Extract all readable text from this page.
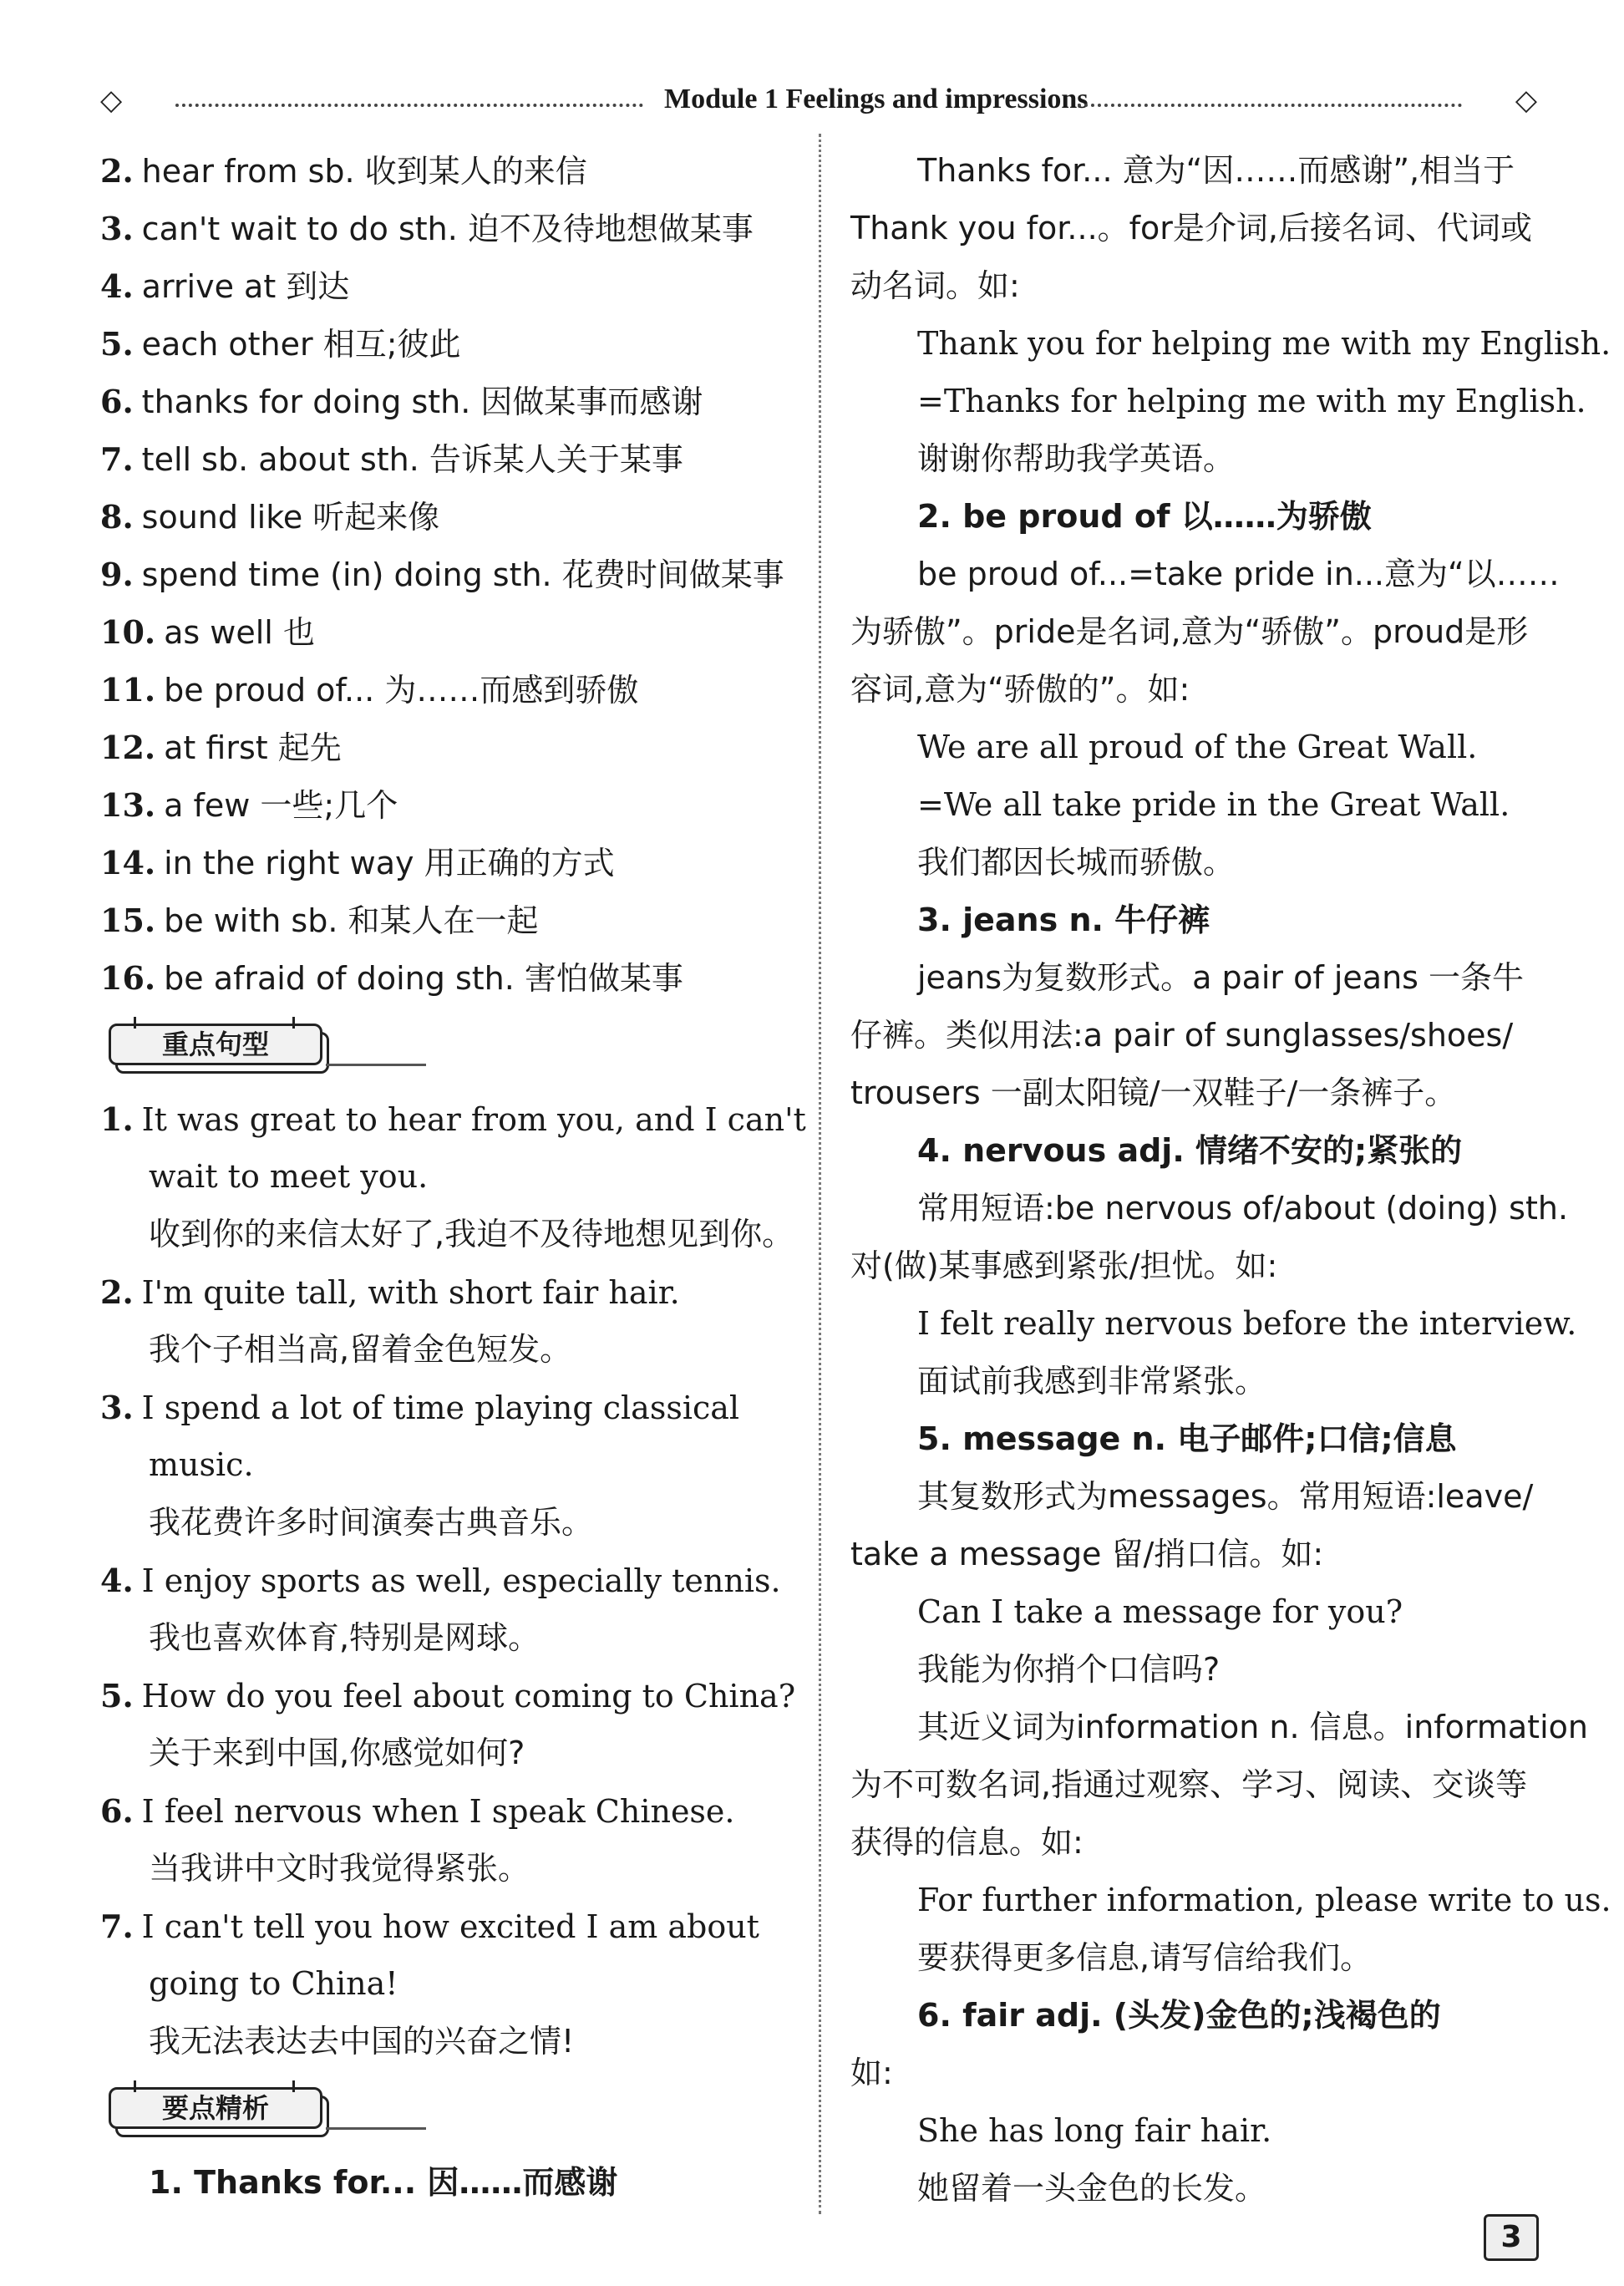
◇	Module 1 Feelings and impressions	◇
2. hear from sb. 收到某人的来信
3. can't wait to do sth. 迫不及待地想做某事
4. arrive at 到达
5. each other 相互;彼此
6. thanks for doing sth. 因做某事而感谢
7. tell sb. about sth. 告诉某人关于某事
8. sound like 听起来像
9. spend time (in) doing sth. 花费时间做某事
10. as well 也
11. be proud of... 为……而感到骄傲
12. at first 起先
13. a few 一些;几个
14. in the right way 用正确的方式
15. be with sb. 和某人在一起
16. be afraid of doing sth. 害怕做某事
重点句型
1. It was great to hear from you, and I can't
wait to meet you.
收到你的来信太好了,我迫不及待地想见到你。
2. I'm quite tall, with short fair hair.
我个子相当高,留着金色短发。
3. I spend a lot of time playing classical
music.
我花费许多时间演奏古典音乐。
4. I enjoy sports as well, especially tennis.
我也喜欢体育,特别是网球。
5. How do you feel about coming to China?
关于来到中国,你感觉如何?
6. I feel nervous when I speak Chinese.
当我讲中文时我觉得紧张。
7. I can't tell you how excited I am about
going to China!
我无法表达去中国的兴奋之情!
要点精析
1. Thanks for... 因……而感谢
Thanks for... 意为“因……而感谢”,相当于
Thank you for...。for是介词,后接名词、代词或
动名词。如:
Thank you for helping me with my English.
=Thanks for helping me with my English.
谢谢你帮助我学英语。
2. be proud of 以……为骄傲
be proud of...=take pride in...意为“以……
为骄傲”。pride是名词,意为“骄傲”。proud是形
容词,意为“骄傲的”。如:
We are all proud of the Great Wall.
=We all take pride in the Great Wall.
我们都因长城而骄傲。
3. jeans n. 牛仔裤
jeans为复数形式。a pair of jeans 一条牛
仔裤。类似用法:a pair of sunglasses/shoes/
trousers 一副太阳镜/一双鞋子/一条裤子。
4. nervous adj. 情绪不安的;紧张的
常用短语:be nervous of/about (doing) sth.
对(做)某事感到紧张/担忧。如:
I felt really nervous before the interview.
面试前我感到非常紧张。
5. message n. 电子邮件;口信;信息
其复数形式为messages。常用短语:leave/
take a message 留/捎口信。如:
Can I take a message for you?
我能为你捎个口信吗?
其近义词为information n. 信息。information
为不可数名词,指通过观察、学习、阅读、交谈等
获得的信息。如:
For further information, please write to us.
要获得更多信息,请写信给我们。
6. fair adj. (头发)金色的;浅褐色的
如:
She has long fair hair.
她留着一头金色的长发。
3
